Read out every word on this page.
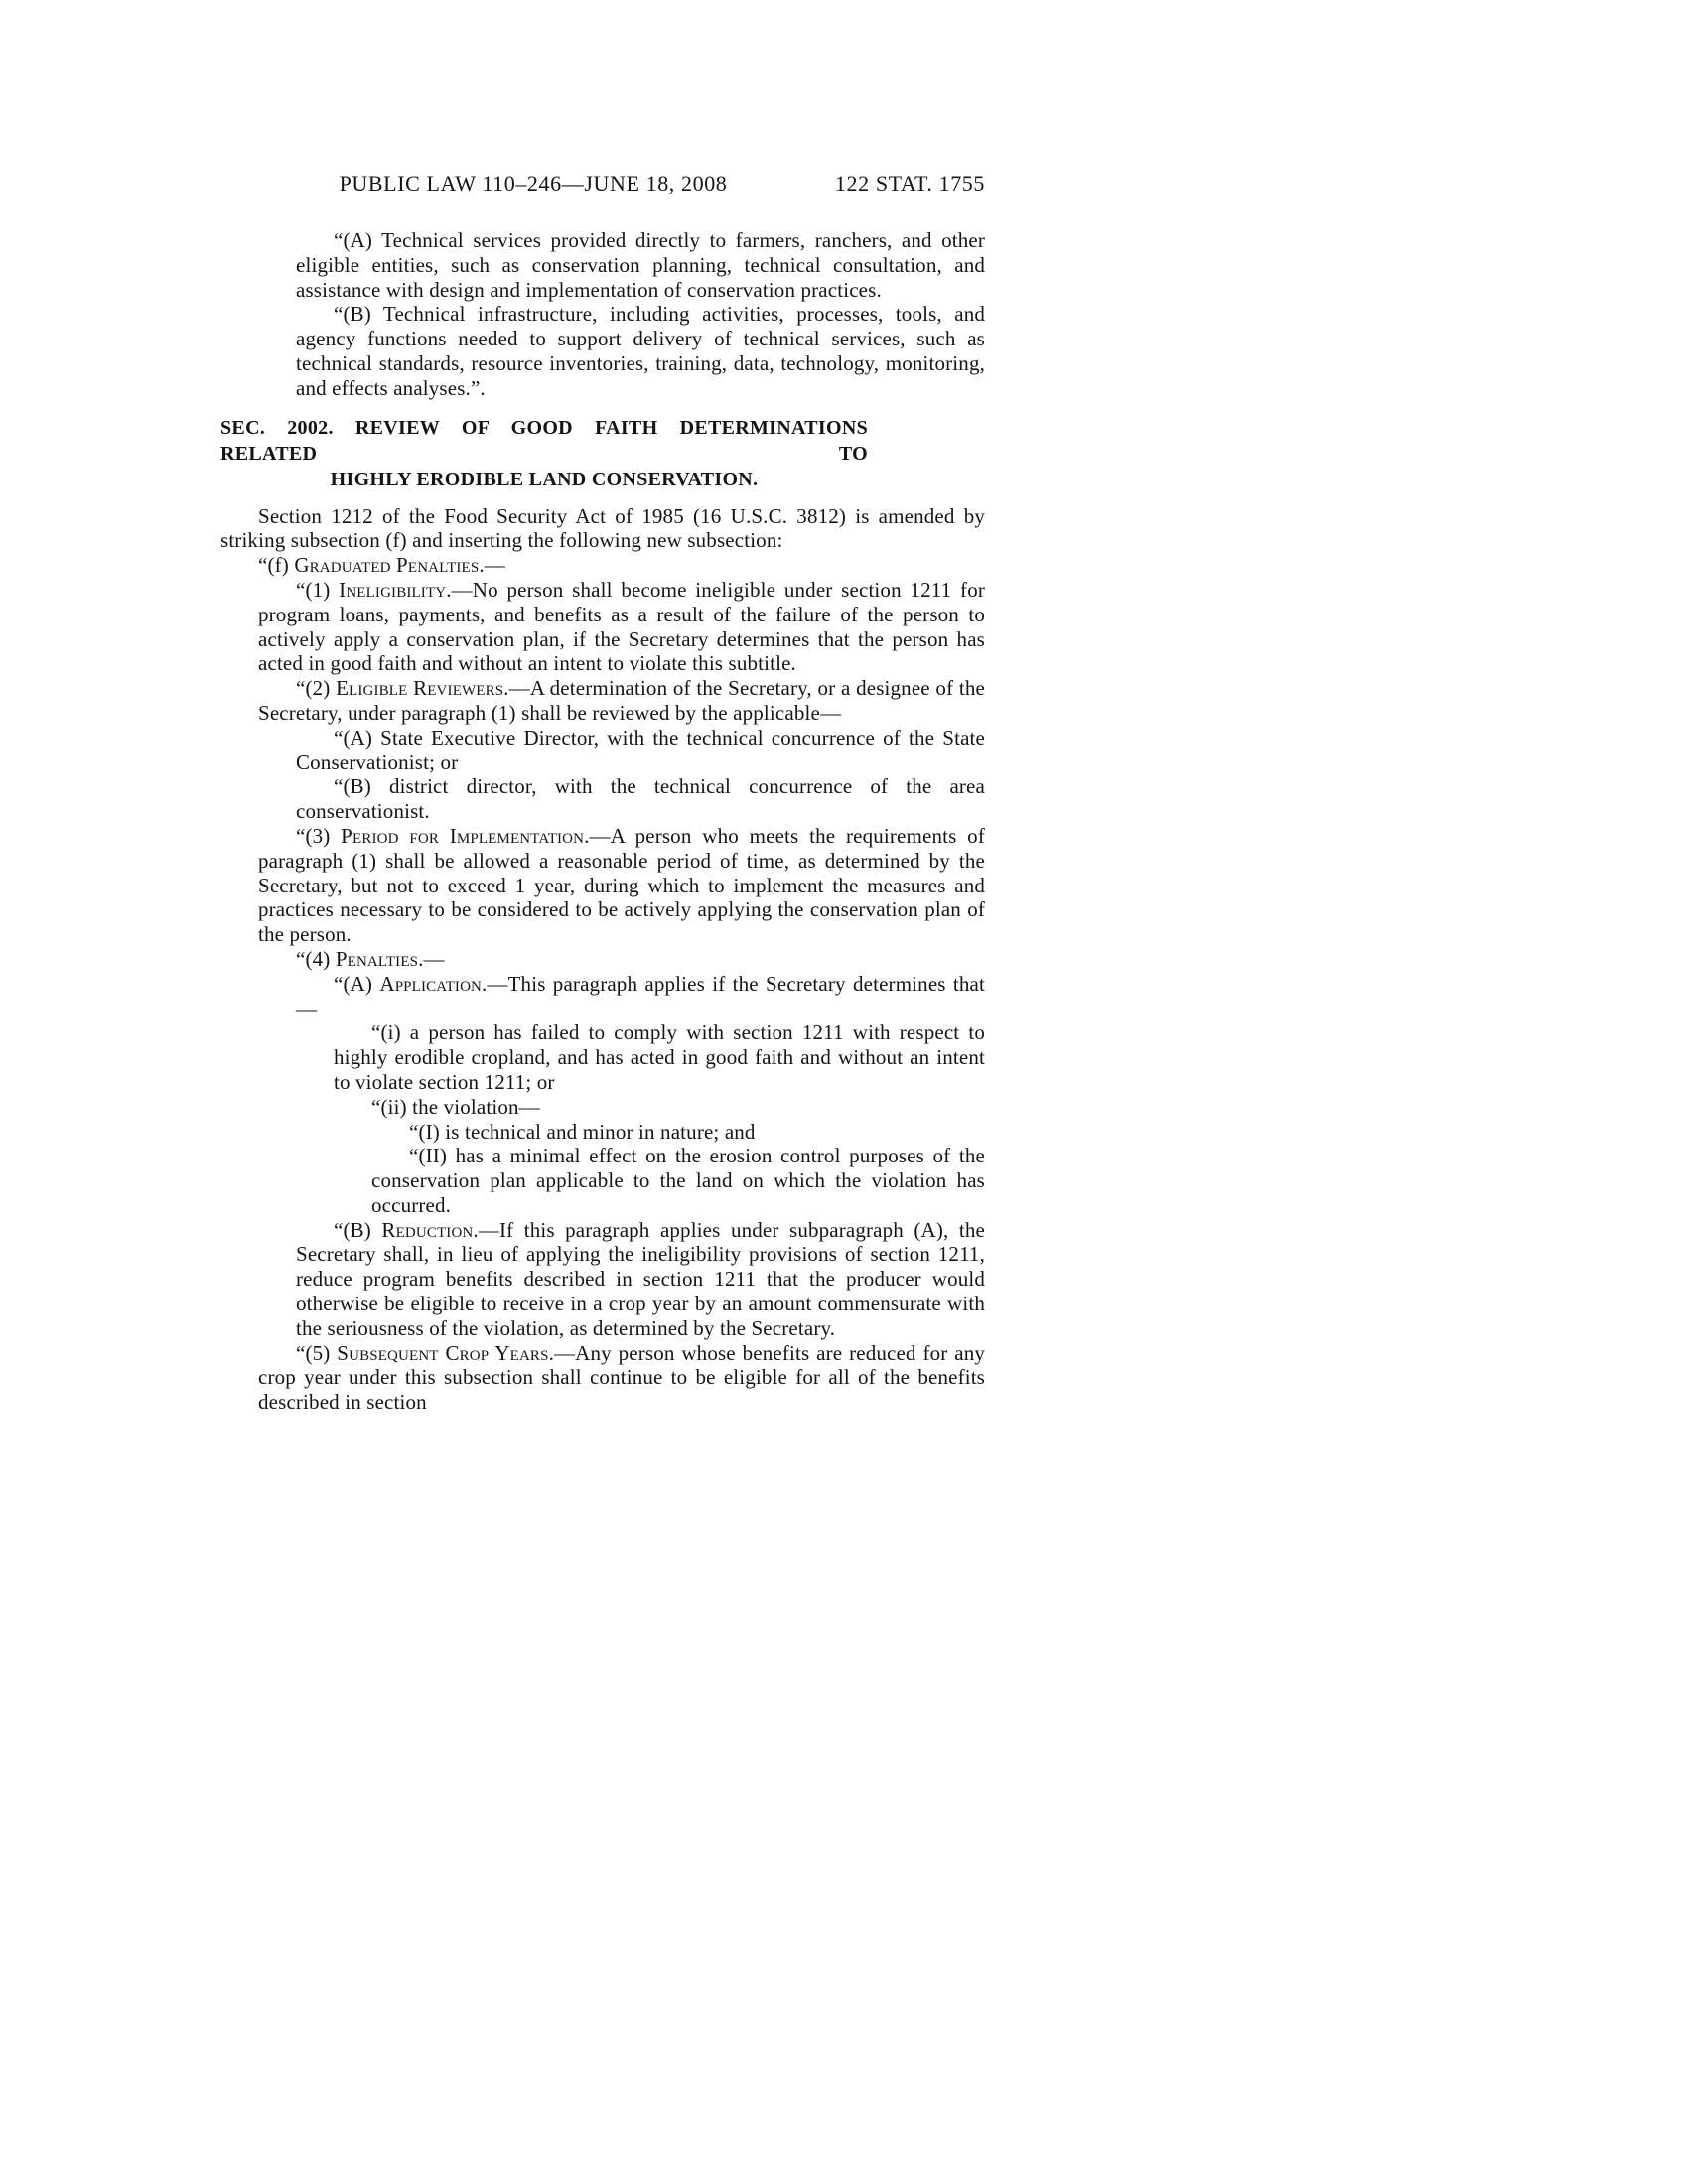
PUBLIC LAW 110–246—JUNE 18, 2008	122 STAT. 1755
“(A) Technical services provided directly to farmers, ranchers, and other eligible entities, such as conservation planning, technical consultation, and assistance with design and implementation of conservation practices.
“(B) Technical infrastructure, including activities, processes, tools, and agency functions needed to support delivery of technical services, such as technical standards, resource inventories, training, data, technology, monitoring, and effects analyses.”.
SEC. 2002. REVIEW OF GOOD FAITH DETERMINATIONS RELATED TO
HIGHLY ERODIBLE LAND CONSERVATION.
Section 1212 of the Food Security Act of 1985 (16 U.S.C. 3812) is amended by striking subsection (f) and inserting the following new subsection:
“(f) Graduated Penalties.—
“(1) Ineligibility.—No person shall become ineligible under section 1211 for program loans, payments, and benefits as a result of the failure of the person to actively apply a conservation plan, if the Secretary determines that the person has acted in good faith and without an intent to violate this subtitle.
“(2) Eligible Reviewers.—A determination of the Secretary, or a designee of the Secretary, under paragraph (1) shall be reviewed by the applicable—
“(A) State Executive Director, with the technical concurrence of the State Conservationist; or
“(B) district director, with the technical concurrence of the area conservationist.
“(3) Period for Implementation.—A person who meets the requirements of paragraph (1) shall be allowed a reasonable period of time, as determined by the Secretary, but not to exceed 1 year, during which to implement the measures and practices necessary to be considered to be actively applying the conservation plan of the person.
“(4) Penalties.—
“(A) Application.—This paragraph applies if the Secretary determines that—
“(i) a person has failed to comply with section 1211 with respect to highly erodible cropland, and has acted in good faith and without an intent to violate section 1211; or
“(ii) the violation—
“(I) is technical and minor in nature; and
“(II) has a minimal effect on the erosion control purposes of the conservation plan applicable to the land on which the violation has occurred.
“(B) Reduction.—If this paragraph applies under subparagraph (A), the Secretary shall, in lieu of applying the ineligibility provisions of section 1211, reduce program benefits described in section 1211 that the producer would otherwise be eligible to receive in a crop year by an amount commensurate with the seriousness of the violation, as determined by the Secretary.
“(5) Subsequent Crop Years.—Any person whose benefits are reduced for any crop year under this subsection shall continue to be eligible for all of the benefits described in section
